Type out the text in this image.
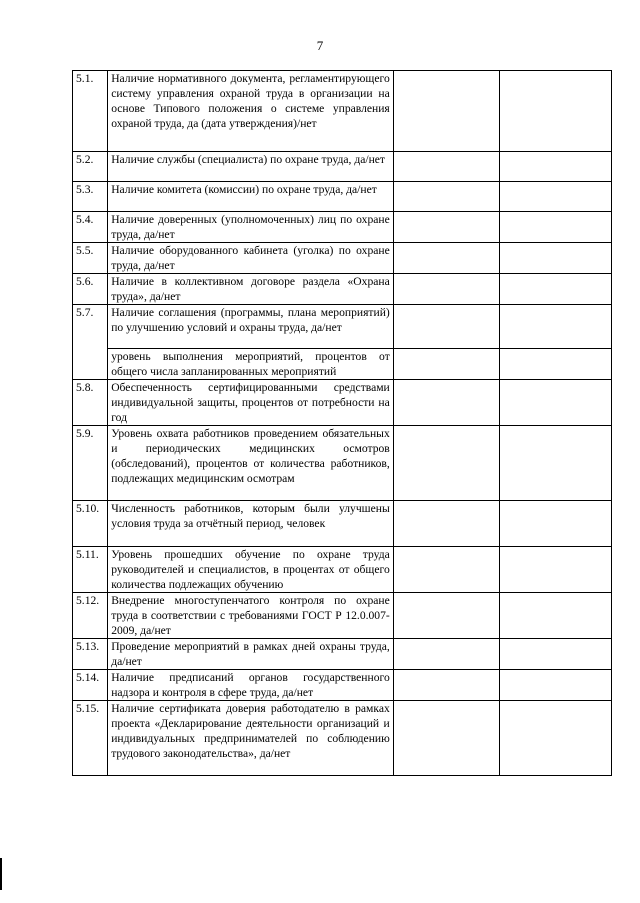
7
5.1.	Наличие нормативного документа, регламентирующего систему управления охраной труда в организации на основе Типового положения о системе управления охраной труда, да (дата утверждения)/нет		
5.2.	Наличие службы (специалиста) по охране труда, да/нет		
5.3.	Наличие комитета (комиссии) по охране труда, да/нет		
5.4.	Наличие доверенных (уполномоченных) лиц по охране труда, да/нет		
5.5.	Наличие оборудованного кабинета (уголка) по охране труда, да/нет		
5.6.	Наличие в коллективном договоре раздела «Охрана труда», да/нет		
5.7.	Наличие соглашения (программы, плана мероприятий) по улучшению условий и охраны труда, да/нет		
	уровень выполнения мероприятий, процентов от общего числа запланированных мероприятий		
5.8.	Обеспеченность сертифицированными средствами индивидуальной защиты, процентов от потребности на год		
5.9.	Уровень охвата работников проведением обязательных и периодических медицинских осмотров (обследований), процентов от количества работников, подлежащих медицинским осмотрам		
5.10.	Численность работников, которым были улучшены условия труда за отчётный период, человек		
5.11.	Уровень прошедших обучение по охране труда руководителей и специалистов, в процентах от общего количества подлежащих обучению		
5.12.	Внедрение многоступенчатого контроля по охране труда в соответствии с требованиями ГОСТ Р 12.0.007-2009, да/нет		
5.13.	Проведение мероприятий в рамках дней охраны труда, да/нет		
5.14.	Наличие предписаний органов государственного надзора и контроля в сфере труда, да/нет		
5.15.	Наличие сертификата доверия работодателю в рамках проекта «Декларирование деятельности организаций и индивидуальных предпринимателей по соблюдению трудового законодательства», да/нет		
